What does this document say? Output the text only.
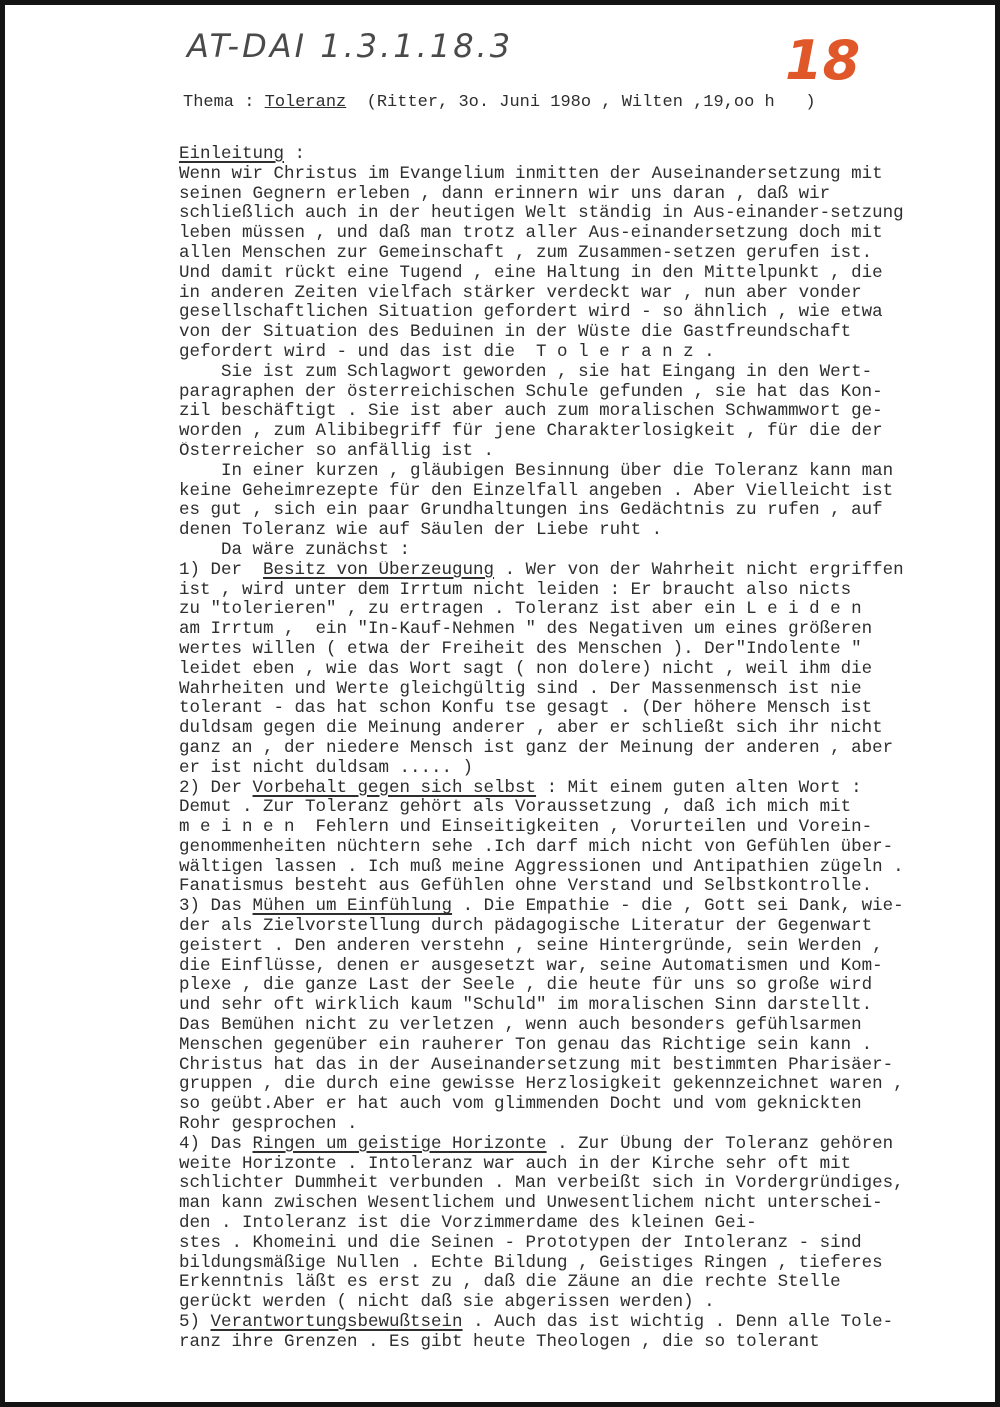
AT-DAI 1.3.1.18.3	18
Thema : Toleranz  (Ritter, 3o. Juni 198o , Wilten ,19,oo h   )
Einleitung :
Wenn wir Christus im Evangelium inmitten der Auseinandersetzung mit
seinen Gegnern erleben , dann erinnern wir uns daran , daß wir
schließlich auch in der heutigen Welt ständig in Aus-einander-setzung
leben müssen , und daß man trotz aller Aus-einandersetzung doch mit
allen Menschen zur Gemeinschaft , zum Zusammen-setzen gerufen ist.
Und damit rückt eine Tugend , eine Haltung in den Mittelpunkt , die
in anderen Zeiten vielfach stärker verdeckt war , nun aber vonder
gesellschaftlichen Situation gefordert wird - so ähnlich , wie etwa
von der Situation des Beduinen in der Wüste die Gastfreundschaft
gefordert wird - und das ist die  T o l e r a n z .
Sie ist zum Schlagwort geworden , sie hat Eingang in den Wert-
paragraphen der österreichischen Schule gefunden , sie hat das Kon-
zil beschäftigt . Sie ist aber auch zum moralischen Schwammwort ge-
worden , zum Alibibegriff für jene Charakterlosigkeit , für die der
Österreicher so anfällig ist .
In einer kurzen , gläubigen Besinnung über die Toleranz kann man
keine Geheimrezepte für den Einzelfall angeben . Aber Vielleicht ist
es gut , sich ein paar Grundhaltungen ins Gedächtnis zu rufen , auf
denen Toleranz wie auf Säulen der Liebe ruht .
Da wäre zunächst :
1) Der  Besitz von Überzeugung . Wer von der Wahrheit nicht ergriffen
ist , wird unter dem Irrtum nicht leiden : Er braucht also nicts
zu "tolerieren" , zu ertragen . Toleranz ist aber ein L e i d e n
am Irrtum ,  ein "In-Kauf-Nehmen " des Negativen um eines größeren
wertes willen ( etwa der Freiheit des Menschen ). Der"Indolente "
leidet eben , wie das Wort sagt ( non dolere) nicht , weil ihm die
Wahrheiten und Werte gleichgültig sind . Der Massenmensch ist nie
tolerant - das hat schon Konfu tse gesagt . (Der höhere Mensch ist
duldsam gegen die Meinung anderer , aber er schließt sich ihr nicht
ganz an , der niedere Mensch ist ganz der Meinung der anderen , aber
er ist nicht duldsam ..... )
2) Der Vorbehalt gegen sich selbst : Mit einem guten alten Wort :
Demut . Zur Toleranz gehört als Voraussetzung , daß ich mich mit
m e i n e n  Fehlern und Einseitigkeiten , Vorurteilen und Vorein-
genommenheiten nüchtern sehe .Ich darf mich nicht von Gefühlen über-
wältigen lassen . Ich muß meine Aggressionen und Antipathien zügeln .
Fanatismus besteht aus Gefühlen ohne Verstand und Selbstkontrolle.
3) Das Mühen um Einfühlung . Die Empathie - die , Gott sei Dank, wie-
der als Zielvorstellung durch pädagogische Literatur der Gegenwart
geistert . Den anderen verstehn , seine Hintergründe, sein Werden ,
die Einflüsse, denen er ausgesetzt war, seine Automatismen und Kom-
plexe , die ganze Last der Seele , die heute für uns so große wird
und sehr oft wirklich kaum "Schuld" im moralischen Sinn darstellt.
Das Bemühen nicht zu verletzen , wenn auch besonders gefühlsarmen
Menschen gegenüber ein rauherer Ton genau das Richtige sein kann .
Christus hat das in der Auseinandersetzung mit bestimmten Pharisäer-
gruppen , die durch eine gewisse Herzlosigkeit gekennzeichnet waren ,
so geübt.Aber er hat auch vom glimmenden Docht und vom geknickten
Rohr gesprochen .
4) Das Ringen um geistige Horizonte . Zur Übung der Toleranz gehören
weite Horizonte . Intoleranz war auch in der Kirche sehr oft mit
schlichter Dummheit verbunden . Man verbeißt sich in Vordergründiges,
man kann zwischen Wesentlichem und Unwesentlichem nicht unterschei-
den . Intoleranz ist die Vorzimmerdame des kleinen Gei-
stes . Khomeini und die Seinen - Prototypen der Intoleranz - sind
bildungsmäßige Nullen . Echte Bildung , Geistiges Ringen , tieferes
Erkenntnis läßt es erst zu , daß die Zäune an die rechte Stelle
gerückt werden ( nicht daß sie abgerissen werden) .
5) Verantwortungsbewußtsein . Auch das ist wichtig . Denn alle Tole-
ranz ihre Grenzen . Es gibt heute Theologen , die so tolerant
